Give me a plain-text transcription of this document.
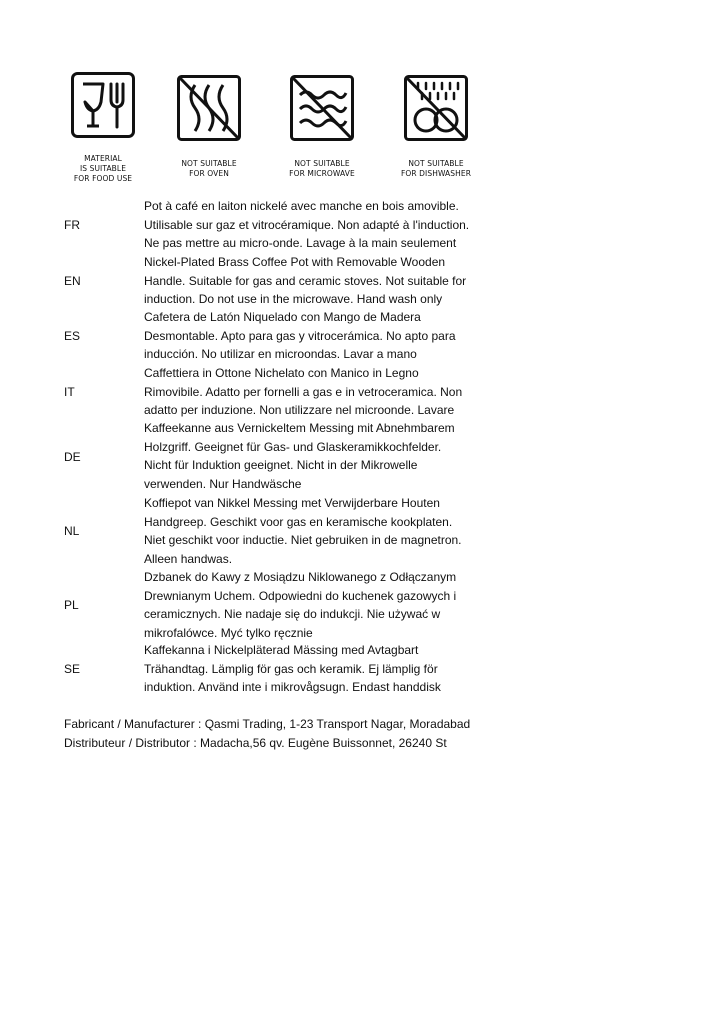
MATERIAL
IS SUITABLE
FOR FOOD USE
NOT SUITABLE
FOR OVEN
NOT SUITABLE
FOR MICROWAVE
NOT SUITABLE
FOR DISHWASHER
FR
Pot à café en laiton nickelé avec manche en bois amovible.
Utilisable sur gaz et vitrocéramique. Non adapté à l'induction.
Ne pas mettre au micro-onde. Lavage à la main seulement
EN
Nickel-Plated Brass Coffee Pot with Removable Wooden
Handle. Suitable for gas and ceramic stoves. Not suitable for
induction. Do not use in the microwave. Hand wash only
ES
Cafetera de Latón Niquelado con Mango de Madera
Desmontable. Apto para gas y vitrocerámica. No apto para
inducción. No utilizar en microondas. Lavar a mano
IT
Caffettiera in Ottone Nichelato con Manico in Legno
Rimovibile. Adatto per fornelli a gas e in vetroceramica. Non
adatto per induzione. Non utilizzare nel microonde. Lavare
DE
Kaffeekanne aus Vernickeltem Messing mit Abnehmbarem
Holzgriff. Geeignet für Gas- und Glaskeramikkochfelder.
Nicht für Induktion geeignet. Nicht in der Mikrowelle
verwenden. Nur Handwäsche
NL
Koffiepot van Nikkel Messing met Verwijderbare Houten
Handgreep. Geschikt voor gas en keramische kookplaten.
Niet geschikt voor inductie. Niet gebruiken in de magnetron.
Alleen handwas.
PL
Dzbanek do Kawy z Mosiądzu Niklowanego z Odłączanym
Drewnianym Uchem. Odpowiedni do kuchenek gazowych i
ceramicznych. Nie nadaje się do indukcji. Nie używać w
mikrofalówce. Myć tylko ręcznie
SE
Kaffekanna i Nickelpläterad Mässing med Avtagbart
Trähandtag. Lämplig för gas och keramik. Ej lämplig för
induktion. Använd inte i mikrovågsugn. Endast handdisk
Fabricant / Manufacturer : Qasmi Trading, 1-23 Transport Nagar, Moradabad
Distributeur / Distributor : Madacha,56 qv. Eugène Buissonnet, 26240 St
